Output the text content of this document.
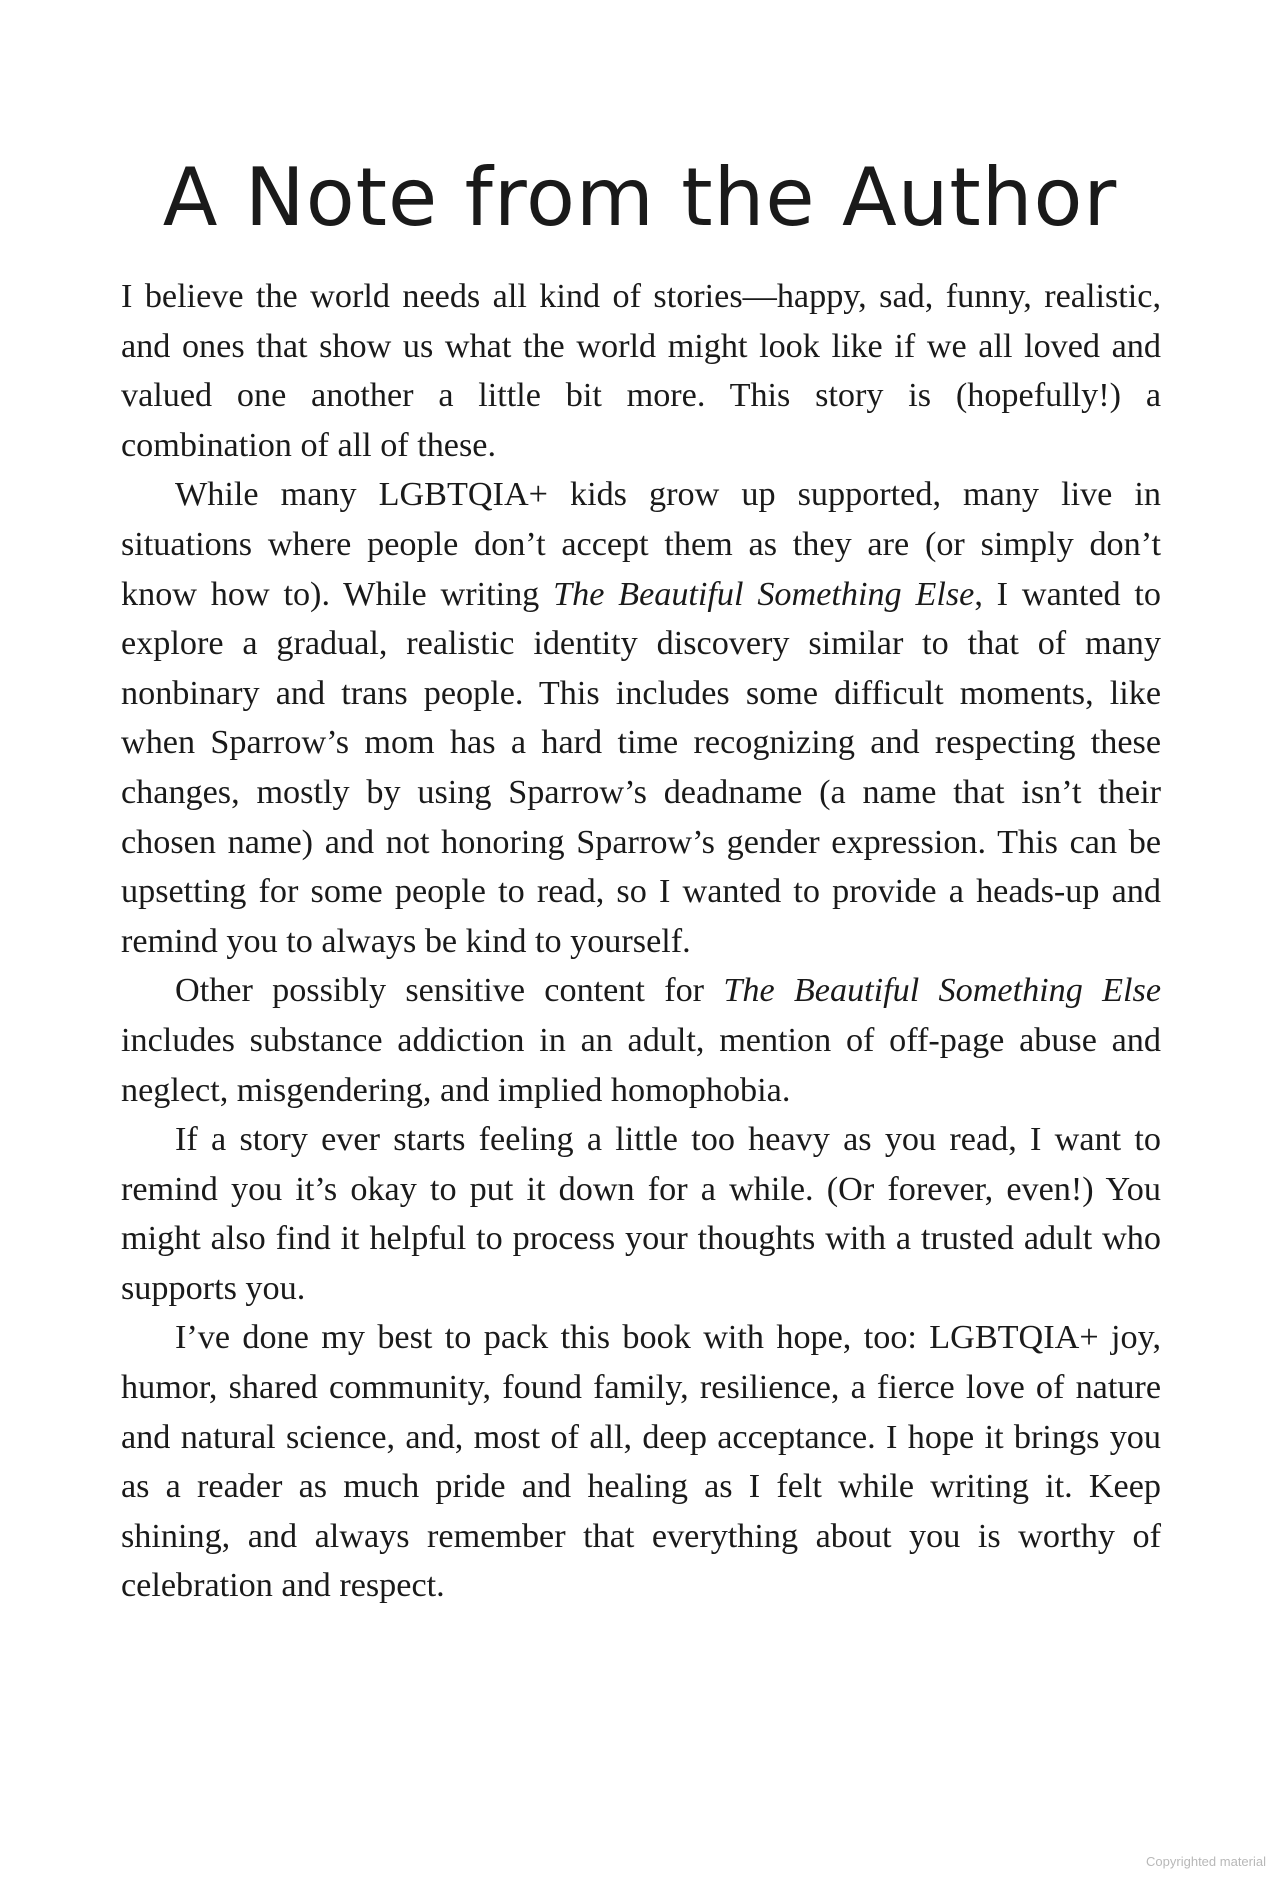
A Note from the Author

I believe the world needs all kind of stories—happy, sad, funny, realistic, and ones that show us what the world might look like if we all loved and valued one another a little bit more. This story is (hopefully!) a combination of all of these.

While many LGBTQIA+ kids grow up supported, many live in situations where people don’t accept them as they are (or simply don’t know how to). While writing The Beautiful Something Else, I wanted to explore a gradual, realistic identity discovery similar to that of many nonbinary and trans people. This includes some difficult moments, like when Sparrow’s mom has a hard time recognizing and respecting these changes, mostly by using Sparrow’s deadname (a name that isn’t their chosen name) and not honoring Sparrow’s gender expression. This can be upsetting for some people to read, so I wanted to provide a heads-up and remind you to always be kind to yourself.

Other possibly sensitive content for The Beautiful Something Else includes substance addiction in an adult, mention of off-page abuse and neglect, misgendering, and implied homophobia.

If a story ever starts feeling a little too heavy as you read, I want to remind you it’s okay to put it down for a while. (Or forever, even!) You might also find it helpful to process your thoughts with a trusted adult who supports you.

I’ve done my best to pack this book with hope, too: LGBTQIA+ joy, humor, shared community, found family, resilience, a fierce love of nature and natural science, and, most of all, deep acceptance. I hope it brings you as a reader as much pride and healing as I felt while writing it. Keep shining, and always remember that everything about you is worthy of celebration and respect.

Copyrighted material
